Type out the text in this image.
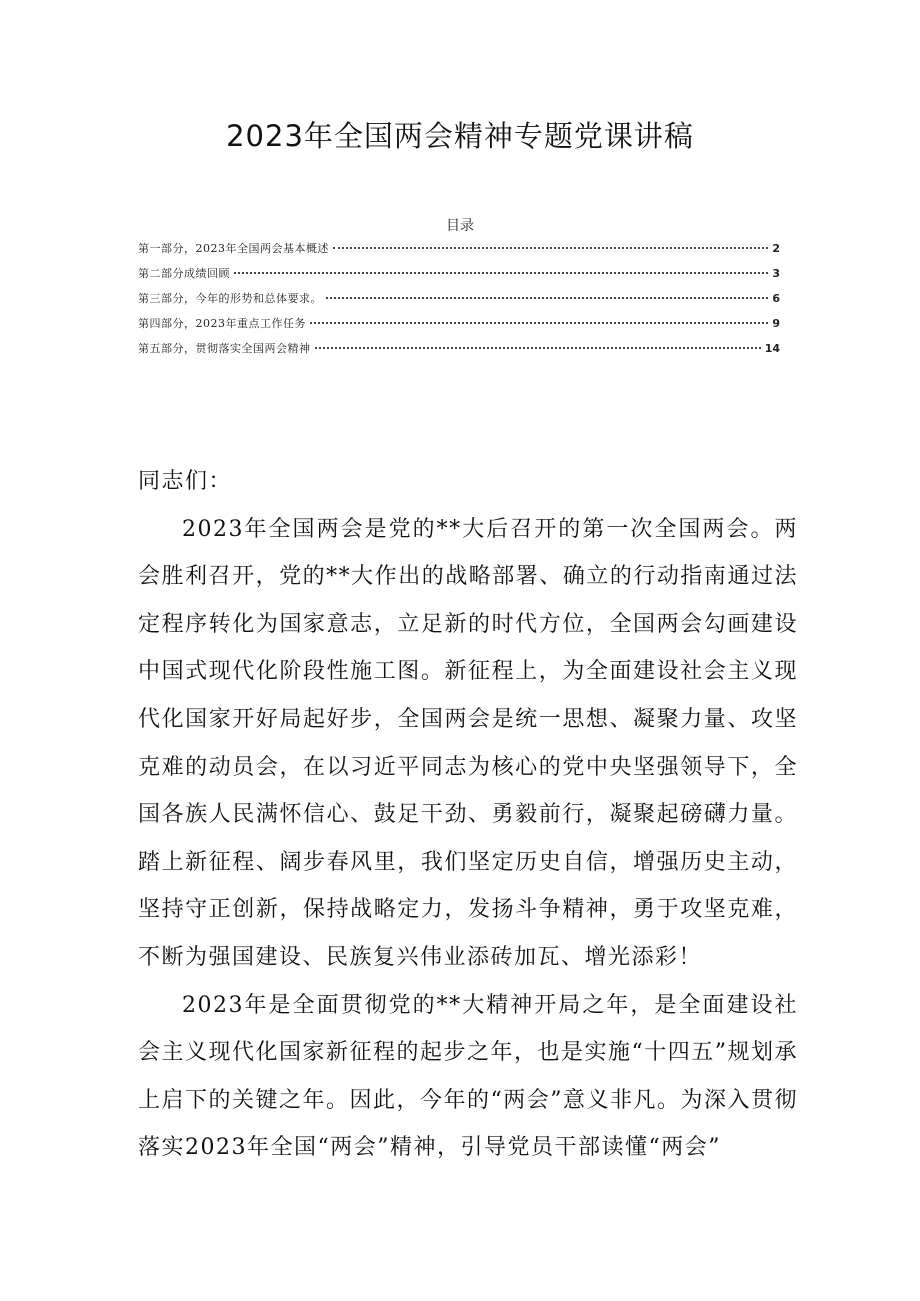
2023年全国两会精神专题党课讲稿
目录
第一部分，2023年全国两会基本概述	2
第二部分成绩回顾	3
第三部分，今年的形势和总体要求。	6
第四部分，2023年重点工作任务	9
第五部分，贯彻落实全国两会精神	14

同志们：

2023年全国两会是党的**大后召开的第一次全国两会。两会胜利召开，党的**大作出的战略部署、确立的行动指南通过法定程序转化为国家意志，立足新的时代方位，全国两会勾画建设中国式现代化阶段性施工图。新征程上，为全面建设社会主义现代化国家开好局起好步，全国两会是统一思想、凝聚力量、攻坚克难的动员会，在以习近平同志为核心的党中央坚强领导下，全国各族人民满怀信心、鼓足干劲、勇毅前行，凝聚起磅礴力量。踏上新征程、阔步春风里，我们坚定历史自信，增强历史主动，坚持守正创新，保持战略定力，发扬斗争精神，勇于攻坚克难，不断为强国建设、民族复兴伟业添砖加瓦、增光添彩！

2023年是全面贯彻党的**大精神开局之年，是全面建设社会主义现代化国家新征程的起步之年，也是实施“十四五”规划承上启下的关键之年。因此，今年的“两会”意义非凡。为深入贯彻落实2023年全国“两会”精神，引导党员干部读懂“两会”
